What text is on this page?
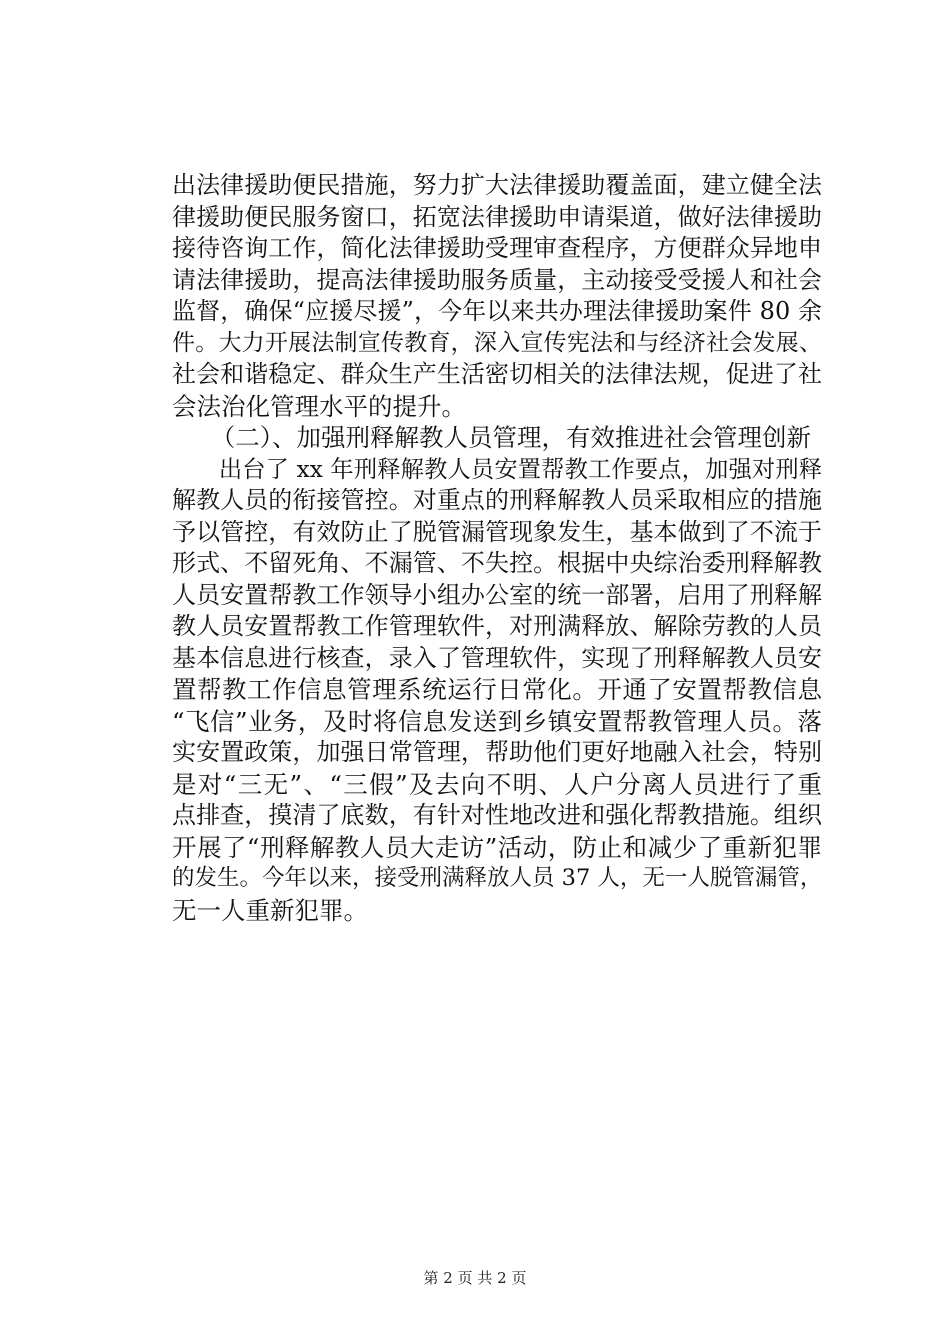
出法律援助便民措施，努力扩大法律援助覆盖面，建立健全法
律援助便民服务窗口，拓宽法律援助申请渠道，做好法律援助
接待咨询工作，简化法律援助受理审查程序，方便群众异地申
请法律援助，提高法律援助服务质量，主动接受受援人和社会
监督，确保“应援尽援”，今年以来共办理法律援助案件 80 余
件。大力开展法制宣传教育，深入宣传宪法和与经济社会发展、
社会和谐稳定、群众生产生活密切相关的法律法规，促进了社
会法治化管理水平的提升。
　　（二）、加强刑释解教人员管理，有效推进社会管理创新
　　出台了 xx 年刑释解教人员安置帮教工作要点，加强对刑释
解教人员的衔接管控。对重点的刑释解教人员采取相应的措施
予以管控，有效防止了脱管漏管现象发生，基本做到了不流于
形式、不留死角、不漏管、不失控。根据中央综治委刑释解教
人员安置帮教工作领导小组办公室的统一部署，启用了刑释解
教人员安置帮教工作管理软件，对刑满释放、解除劳教的人员
基本信息进行核查，录入了管理软件，实现了刑释解教人员安
置帮教工作信息管理系统运行日常化。开通了安置帮教信息
“飞信”业务，及时将信息发送到乡镇安置帮教管理人员。落
实安置政策，加强日常管理，帮助他们更好地融入社会，特别
是对“三无”、“三假”及去向不明、人户分离人员进行了重
点排查，摸清了底数，有针对性地改进和强化帮教措施。组织
开展了“刑释解教人员大走访”活动，防止和减少了重新犯罪
的发生。今年以来，接受刑满释放人员 37 人，无一人脱管漏管，
无一人重新犯罪。
第 2 页 共 2 页
